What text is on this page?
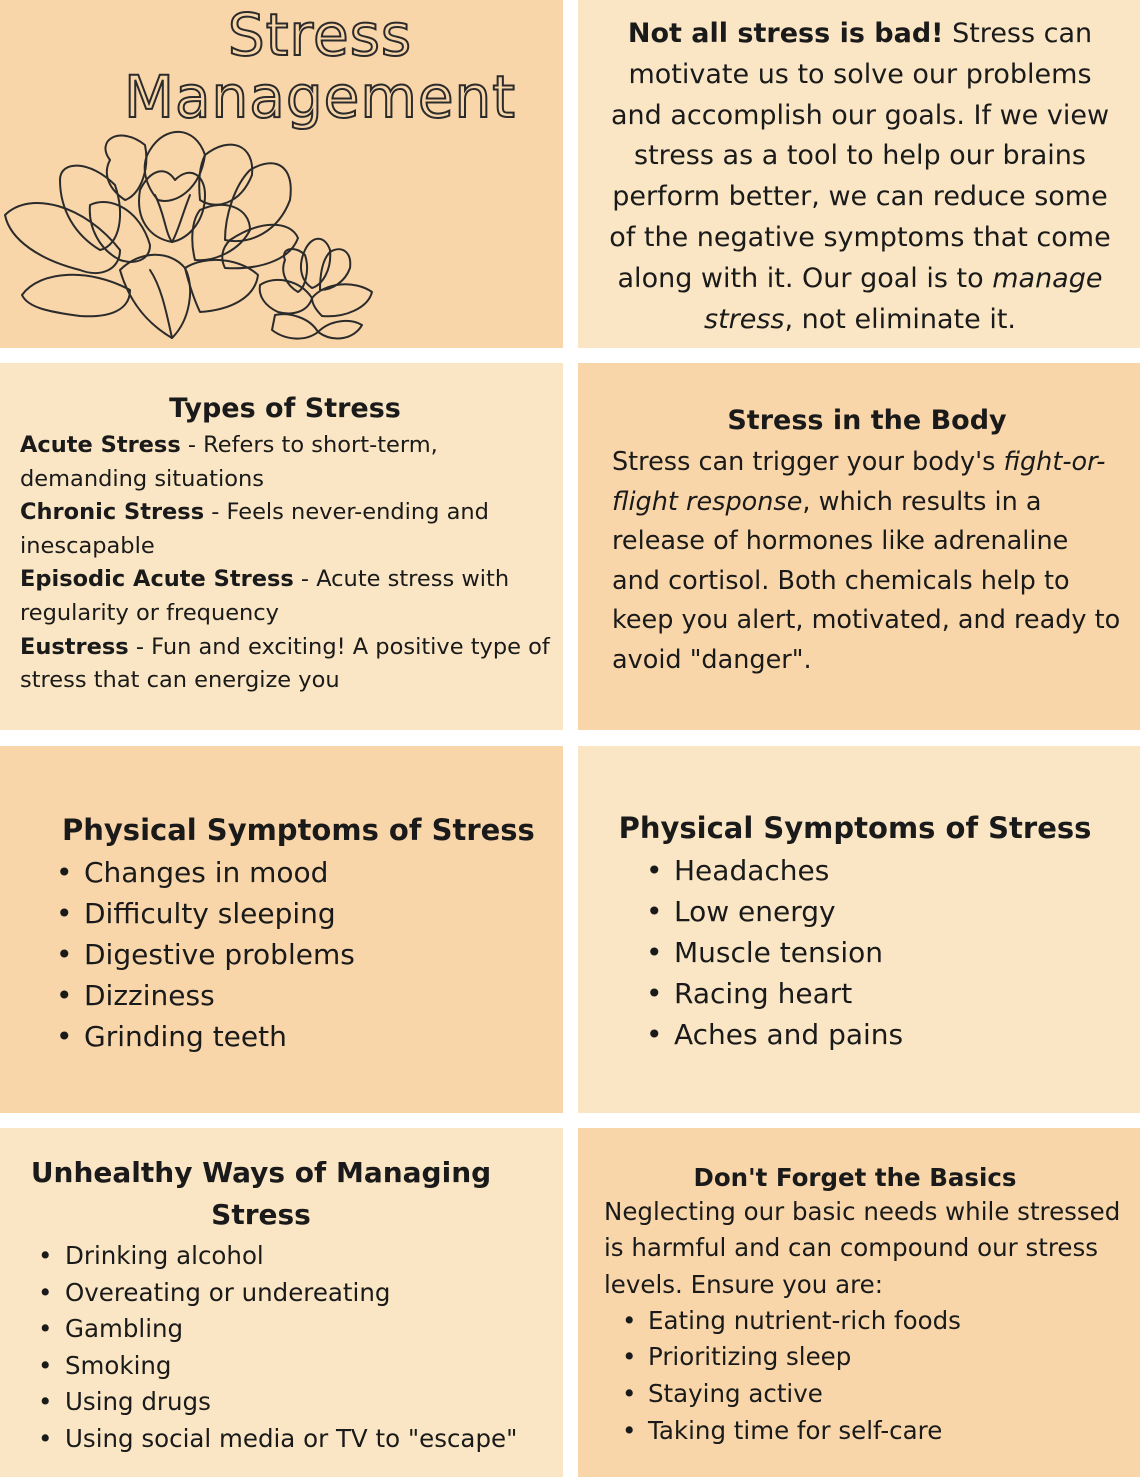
Stress
Management

Not all stress is bad! Stress can motivate us to solve our problems and accomplish our goals. If we view stress as a tool to help our brains perform better, we can reduce some of the negative symptoms that come along with it. Our goal is to manage stress, not eliminate it.

Types of Stress

Acute Stress - Refers to short-term, demanding situations

Chronic Stress - Feels never-ending and inescapable

Episodic Acute Stress - Acute stress with regularity or frequency

Eustress - Fun and exciting! A positive type of stress that can energize you

Stress in the Body

Stress can trigger your body's fight-or-flight response, which results in a release of hormones like adrenaline and cortisol. Both chemicals help to keep you alert, motivated, and ready to avoid "danger".

Physical Symptoms of Stress
• Changes in mood
• Difficulty sleeping
• Digestive problems
• Dizziness
• Grinding teeth
Physical Symptoms of Stress
• Headaches
• Low energy
• Muscle tension
• Racing heart
• Aches and pains
Unhealthy Ways of Managing Stress
• Drinking alcohol
• Overeating or undereating
• Gambling
• Smoking
• Using drugs
• Using social media or TV to "escape"
Don't Forget the Basics

Neglecting our basic needs while stressed is harmful and can compound our stress levels. Ensure you are:

• Eating nutrient-rich foods
• Prioritizing sleep
• Staying active
• Taking time for self-care
